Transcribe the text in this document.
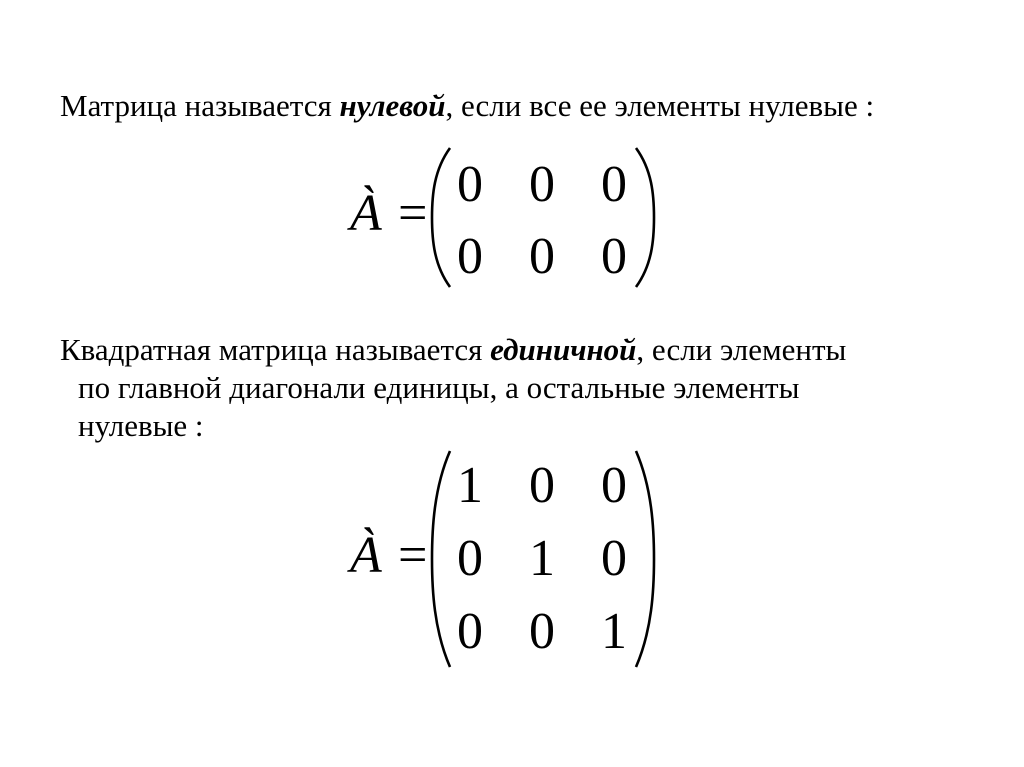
Матрица называется нулевой, если все ее элементы нулевые :

À =
0 0 0
0 0 0

Квадратная матрица называется единичной, если элементы
по главной диагонали единицы, а остальные элементы
нулевые :

À =
1 0 0
0 1 0
0 0 1
